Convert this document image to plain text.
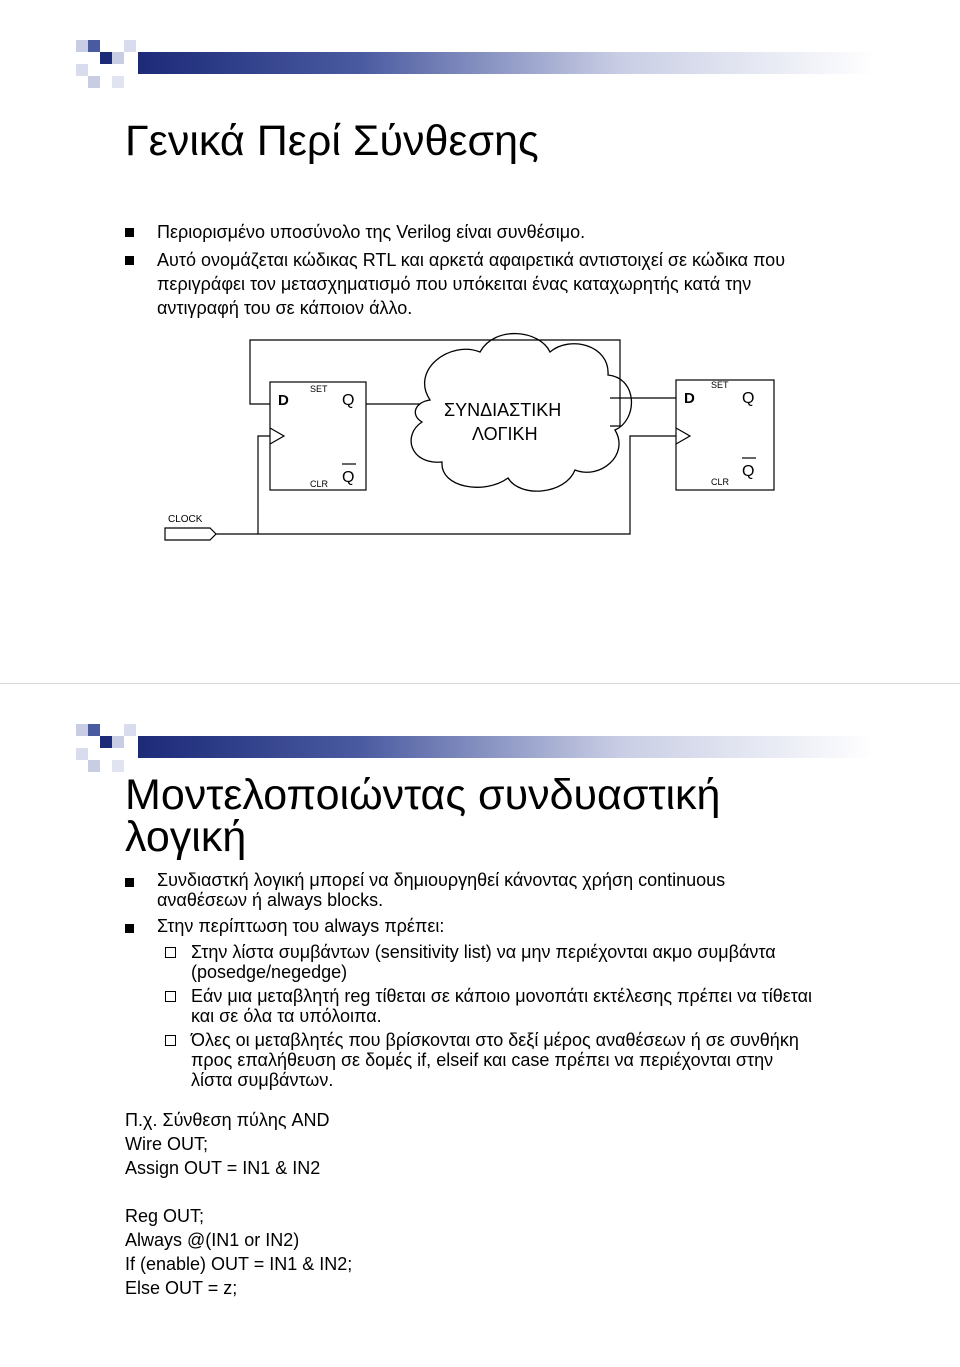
Γενικά Περί Σύνθεσης
Περιορισμένο υποσύνολο της Verilog είναι συνθέσιμο.
Αυτό ονομάζεται κώδικας RTL και αρκετά αφαιρετικά αντιστοιχεί σε κώδικα που περιγράφει τον μετασχηματισμό που υπόκειται ένας καταχωρητής κατά την αντιγραφή του σε κάποιον άλλο.
D
SET
Q
Q
CLR
D
SET
Q
Q
CLR
ΣΥΝΔΙΑΣΤΙΚΗ
ΛΟΓΙΚΗ
CLOCK
Μοντελοποιώντας συνδυαστική
λογική
Συνδιαστκή λογική μπορεί να δημιουργηθεί κάνοντας χρήση continuous αναθέσεων ή always blocks.
Στην περίπτωση του always πρέπει:
Στην λίστα συμβάντων (sensitivity list) να μην περιέχονται ακμο συμβάντα (posedge/negedge)
Εάν μια μεταβλητή reg τίθεται σε κάποιο μονοπάτι εκτέλεσης πρέπει να τίθεται και σε όλα τα υπόλοιπα.
Όλες οι μεταβλητές που βρίσκονται στο δεξί μέρος αναθέσεων ή σε συνθήκη προς επαλήθευση σε δομές if, elseif και case πρέπει να περιέχονται στην λίστα συμβάντων.
Π.χ. Σύνθεση πύλης AND
Wire OUT;
Assign OUT = IN1 & IN2
Reg OUT;
Always @(IN1 or IN2)
If (enable) OUT = IN1 & IN2;
Else OUT = z;
